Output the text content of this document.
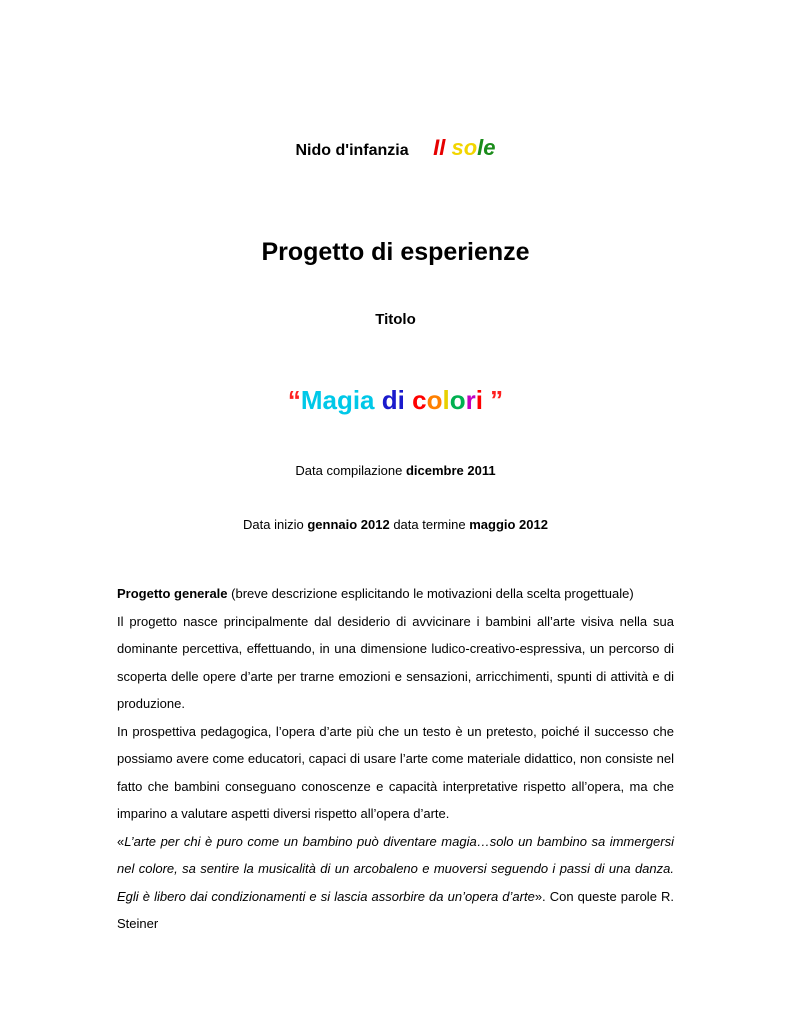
Nido d'infanzia Il sole
Progetto di esperienze
Titolo
“Magia di colori ”
Data compilazione dicembre 2011
Data inizio gennaio 2012 data termine maggio 2012

Progetto generale (breve descrizione esplicitando le motivazioni della scelta progettuale)

Il progetto nasce principalmente dal desiderio di avvicinare i bambini all’arte visiva nella sua dominante percettiva, effettuando, in una dimensione ludico-creativo-espressiva, un percorso di scoperta delle opere d’arte per trarne emozioni e sensazioni, arricchimenti, spunti di attività e di produzione.

In prospettiva pedagogica, l’opera d’arte più che un testo è un pretesto, poiché il successo che possiamo avere come educatori, capaci di usare l’arte come materiale didattico, non consiste nel fatto che bambini conseguano conoscenze e capacità interpretative rispetto all’opera, ma che imparino a valutare aspetti diversi rispetto all’opera d’arte.

«L’arte per chi è puro come un bambino può diventare magia…solo un bambino sa immergersi nel colore, sa sentire la musicalità di un arcobaleno e muoversi seguendo i passi di una danza. Egli è libero dai condizionamenti e si lascia assorbire da un’opera d’arte». Con queste parole R. Steiner
